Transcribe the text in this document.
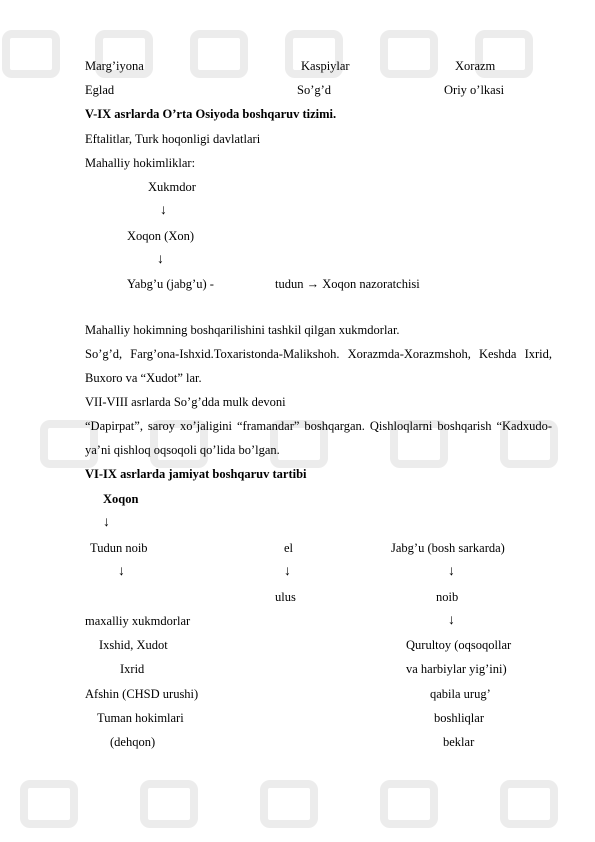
Marg’iyona	Kaspiylar	Xorazm
Eglad	So’g’d	Oriy o’lkasi
V-IX asrlarda O’rta Osiyoda boshqaruv tizimi.
Eftalitlar, Turk hoqonligi davlatlari
Mahalliy hokimliklar:
Xukmdor
↓
Xoqon (Xon)
↓
Yabg’u (jabg’u) -	tudun → Xoqon nazoratchisi
Mahalliy hokimning boshqarilishini tashkil qilgan xukmdorlar.
So’g’d, Farg’ona-Ishxid.Toxaristonda-Malikshoh. Xorazmda-Xorazmshoh, Keshda Ixrid, Buxoro va “Xudot” lar.
VII-VIII asrlarda So’g’dda mulk devoni
“Dapirpat”, saroy xo’jaligini “framandar” boshqargan. Qishloqlarni boshqarish “Kadxudo-ya’ni qishloq oqsoqoli qo’lida bo’lgan.
VI-IX asrlarda jamiyat boshqaruv tartibi
Xoqon
↓
Tudun noib	el	Jabg’u (bosh sarkarda)
↓	↓	↓
ulus	noib
maxalliy xukmdorlar	↓
Ixshid, Xudot	Qurultoy (oqsoqollar
Ixrid	va harbiylar yig’ini)
Afshin (CHSD urushi)	qabila urug’
Tuman hokimlari	boshliqlar
(dehqon)	beklar
